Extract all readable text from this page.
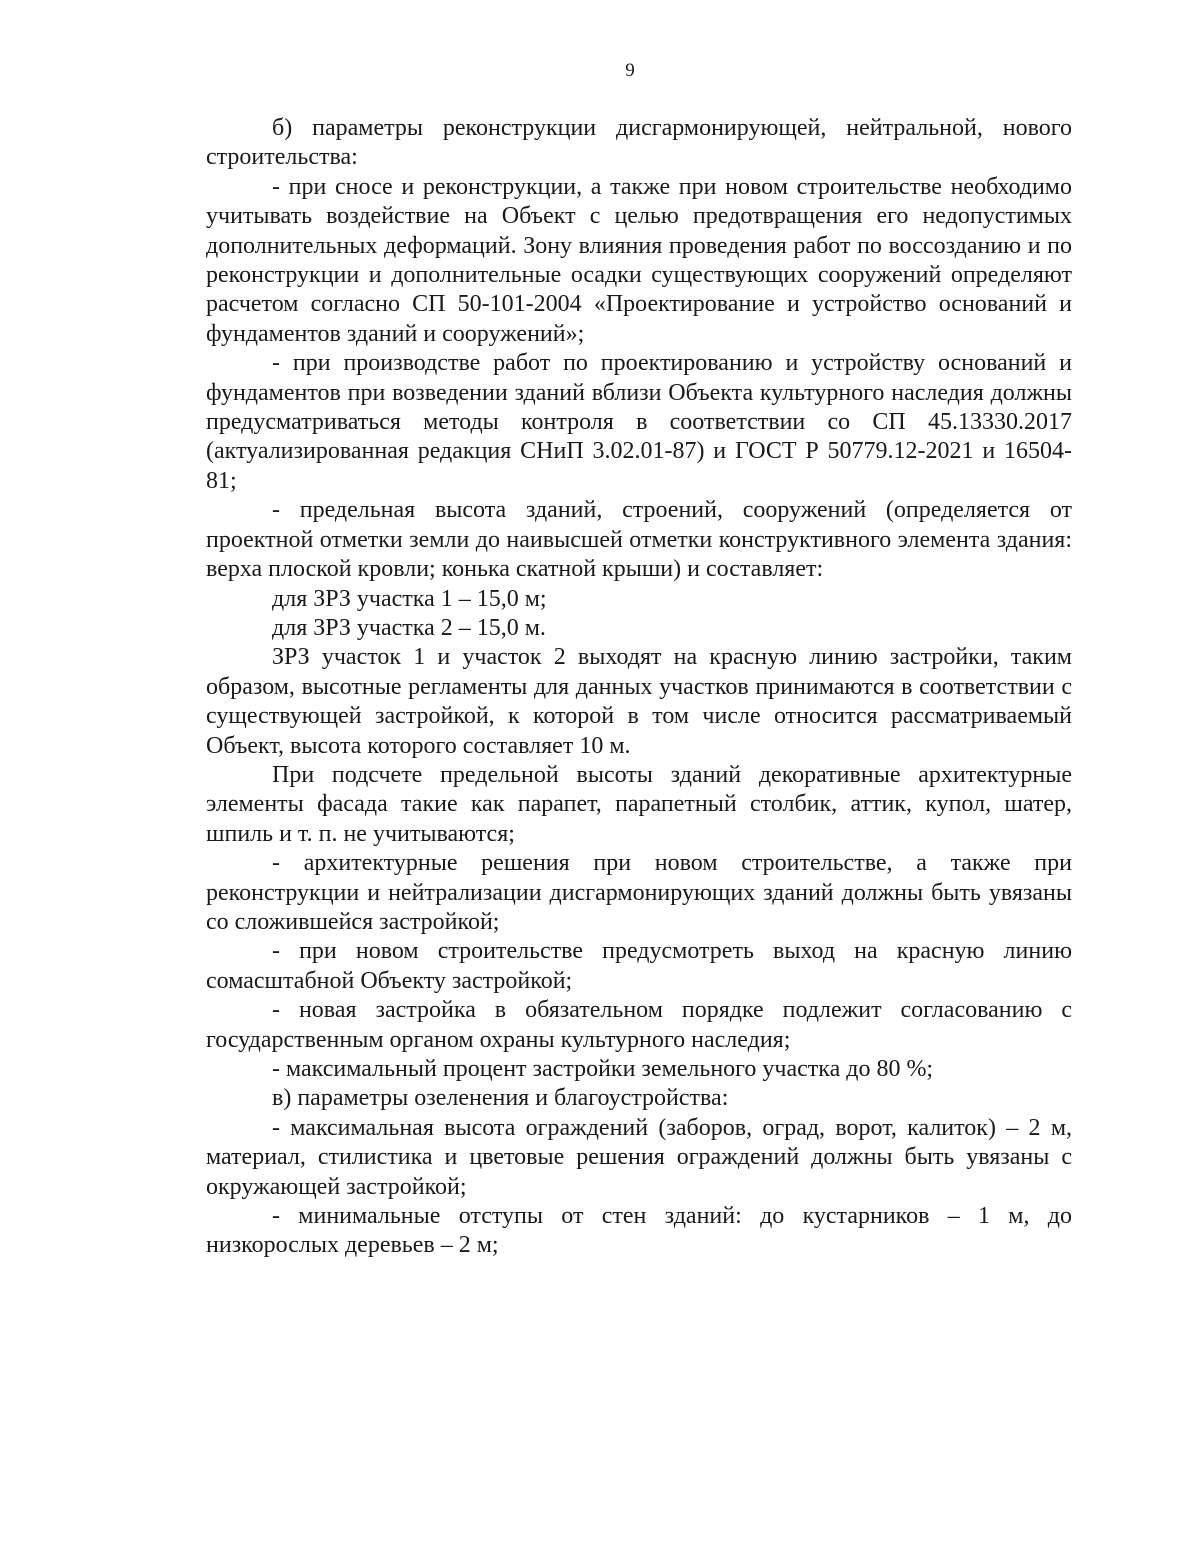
9

б) параметры реконструкции дисгармонирующей, нейтральной, нового строительства:

- при сносе и реконструкции, а также при новом строительстве необходимо учитывать воздействие на Объект с целью предотвращения его недопустимых дополнительных деформаций. Зону влияния проведения работ по воссозданию и по реконструкции и дополнительные осадки существующих сооружений определяют расчетом согласно СП 50-101-2004 «Проектирование и устройство оснований и фундаментов зданий и сооружений»;

- при производстве работ по проектированию и устройству оснований и фундаментов при возведении зданий вблизи Объекта культурного наследия должны предусматриваться методы контроля в соответствии со СП 45.13330.2017 (актуализированная редакция СНиП 3.02.01-87) и ГОСТ Р 50779.12-2021 и 16504-81;

- предельная высота зданий, строений, сооружений (определяется от проектной отметки земли до наивысшей отметки конструктивного элемента здания: верха плоской кровли; конька скатной крыши) и составляет:

для ЗРЗ участка 1 – 15,0 м;

для ЗРЗ участка 2 – 15,0 м.

ЗРЗ участок 1 и участок 2 выходят на красную линию застройки, таким образом, высотные регламенты для данных участков принимаются в соответствии с существующей застройкой, к которой в том числе относится рассматриваемый Объект, высота которого составляет 10 м.

При подсчете предельной высоты зданий декоративные архитектурные элементы фасада такие как парапет, парапетный столбик, аттик, купол, шатер, шпиль и т. п. не учитываются;

- архитектурные решения при новом строительстве, а также при реконструкции и нейтрализации дисгармонирующих зданий должны быть увязаны со сложившейся застройкой;

- при новом строительстве предусмотреть выход на красную линию сомасштабной Объекту застройкой;

- новая застройка в обязательном порядке подлежит согласованию с государственным органом охраны культурного наследия;

- максимальный процент застройки земельного участка до 80 %;

в) параметры озеленения и благоустройства:

- максимальная высота ограждений (заборов, оград, ворот, калиток) – 2 м, материал, стилистика и цветовые решения ограждений должны быть увязаны с окружающей застройкой;

- минимальные отступы от стен зданий: до кустарников – 1 м, до низкорослых деревьев – 2 м;
